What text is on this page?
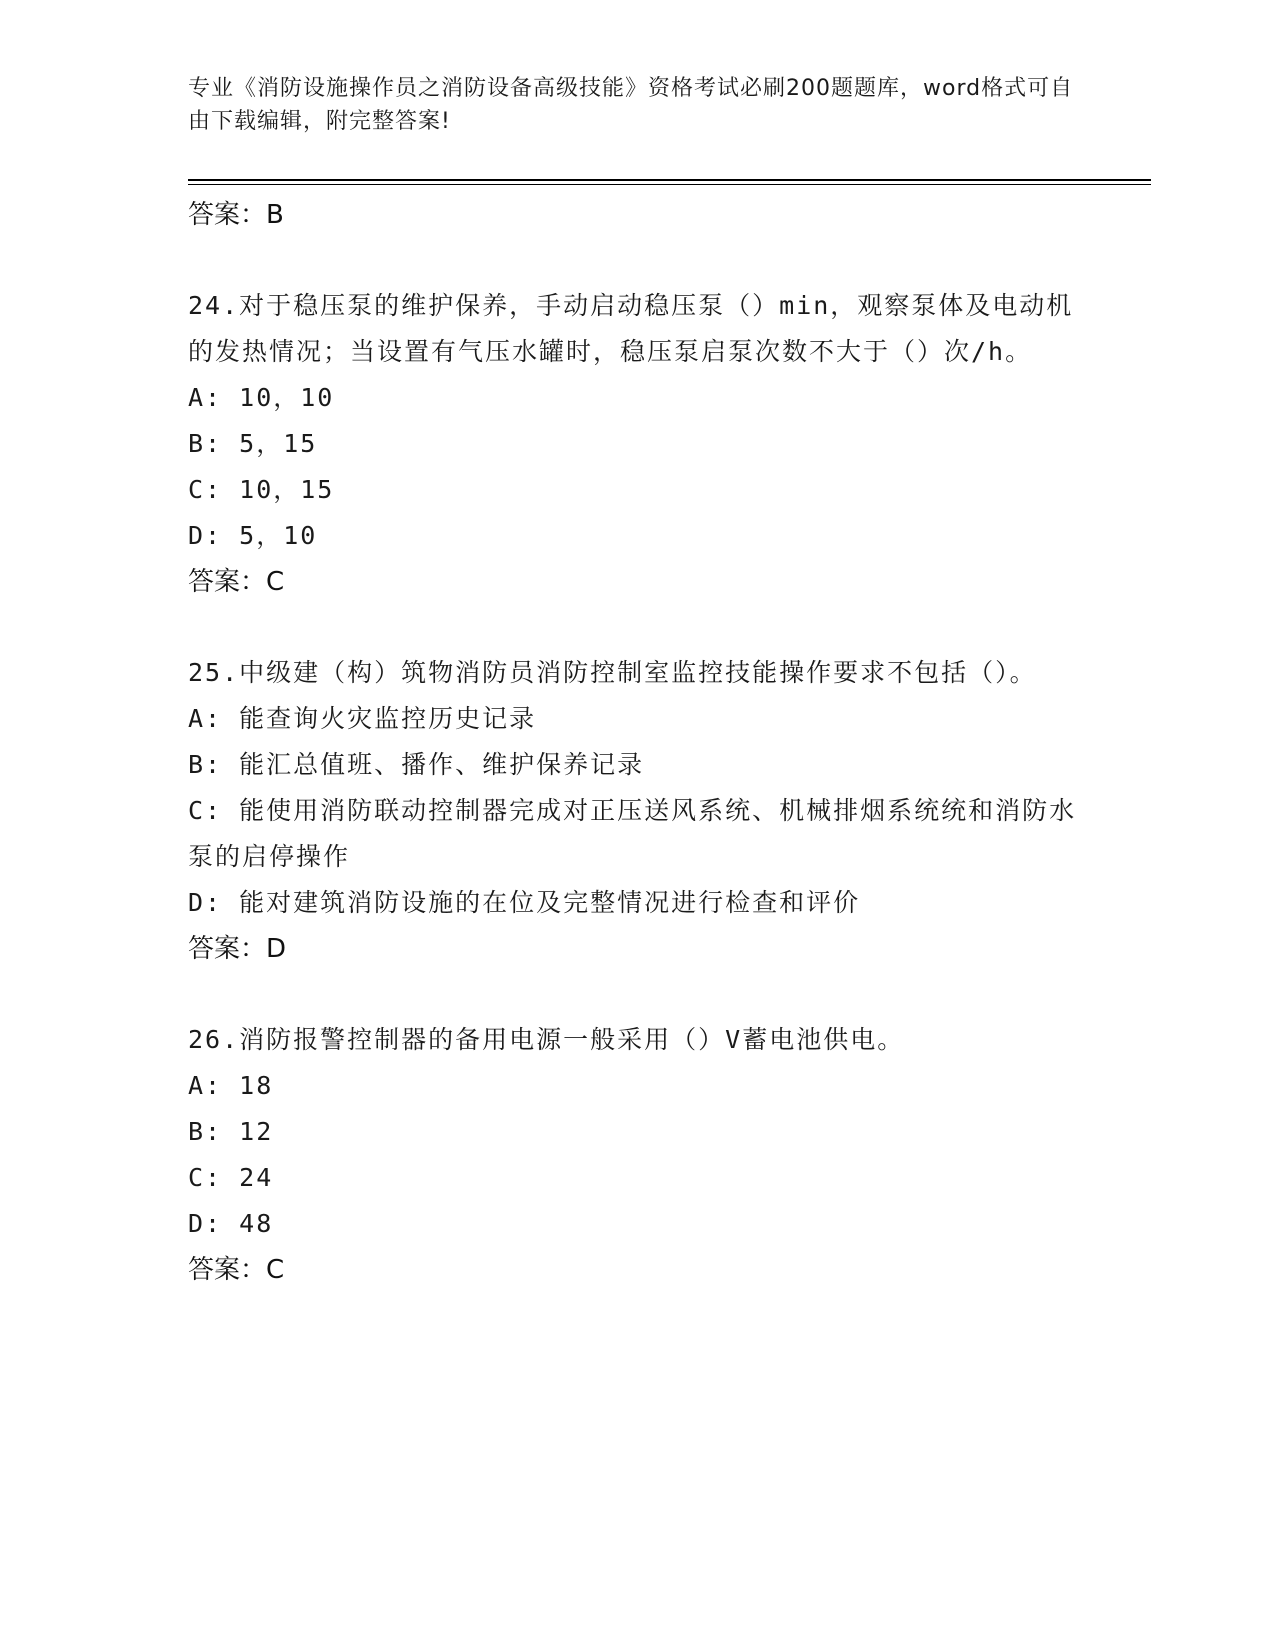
专业《消防设施操作员之消防设备高级技能》资格考试必刷200题题库，word格式可自由下载编辑，附完整答案!
答案：B
24.对于稳压泵的维护保养，手动启动稳压泵（）min，观察泵体及电动机的发热情况；当设置有气压水罐时，稳压泵启泵次数不大于（）次/h。
A: 10，10
B: 5，15
C: 10，15
D: 5，10
答案：C
25.中级建（构）筑物消防员消防控制室监控技能操作要求不包括（）。
A: 能查询火灾监控历史记录
B: 能汇总值班、播作、维护保养记录
C: 能使用消防联动控制器完成对正压送风系统、机械排烟系统统和消防水泵的启停操作
D: 能对建筑消防设施的在位及完整情况进行检查和评价
答案：D
26.消防报警控制器的备用电源一般采用（）V蓄电池供电。
A: 18
B: 12
C: 24
D: 48
答案：C
